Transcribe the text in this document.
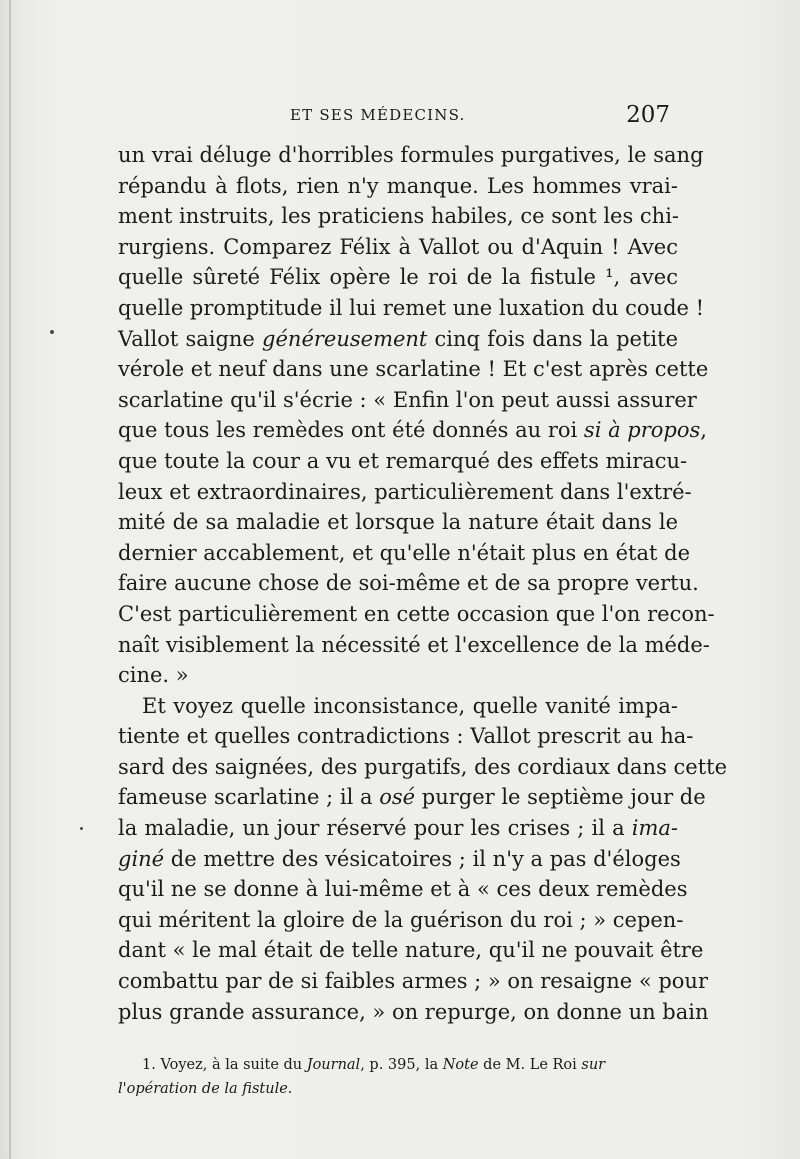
ET SES MÉDECINS.	207
un vrai déluge d'horribles formules purgatives, le sang
répandu à flots, rien n'y manque. Les hommes vrai-
ment instruits, les praticiens habiles, ce sont les chi-
rurgiens. Comparez Félix à Vallot ou d'Aquin ! Avec
quelle sûreté Félix opère le roi de la fistule ¹, avec
quelle promptitude il lui remet une luxation du coude !
Vallot saigne généreusement cinq fois dans la petite
vérole et neuf dans une scarlatine ! Et c'est après cette
scarlatine qu'il s'écrie : « Enfin l'on peut aussi assurer
que tous les remèdes ont été donnés au roi si à propos,
que toute la cour a vu et remarqué des effets miracu-
leux et extraordinaires, particulièrement dans l'extré-
mité de sa maladie et lorsque la nature était dans le
dernier accablement, et qu'elle n'était plus en état de
faire aucune chose de soi-même et de sa propre vertu.
C'est particulièrement en cette occasion que l'on recon-
naît visiblement la nécessité et l'excellence de la méde-
cine. »
Et voyez quelle inconsistance, quelle vanité impa-
tiente et quelles contradictions : Vallot prescrit au ha-
sard des saignées, des purgatifs, des cordiaux dans cette
fameuse scarlatine ; il a osé purger le septième jour de
la maladie, un jour réservé pour les crises ; il a ima-
giné de mettre des vésicatoires ; il n'y a pas d'éloges
qu'il ne se donne à lui-même et à « ces deux remèdes
qui méritent la gloire de la guérison du roi ; » cepen-
dant « le mal était de telle nature, qu'il ne pouvait être
combattu par de si faibles armes ; » on resaigne « pour
plus grande assurance, » on repurge, on donne un bain
1. Voyez, à la suite du Journal, p. 395, la Note de M. Le Roi sur
l'opération de la fistule.
